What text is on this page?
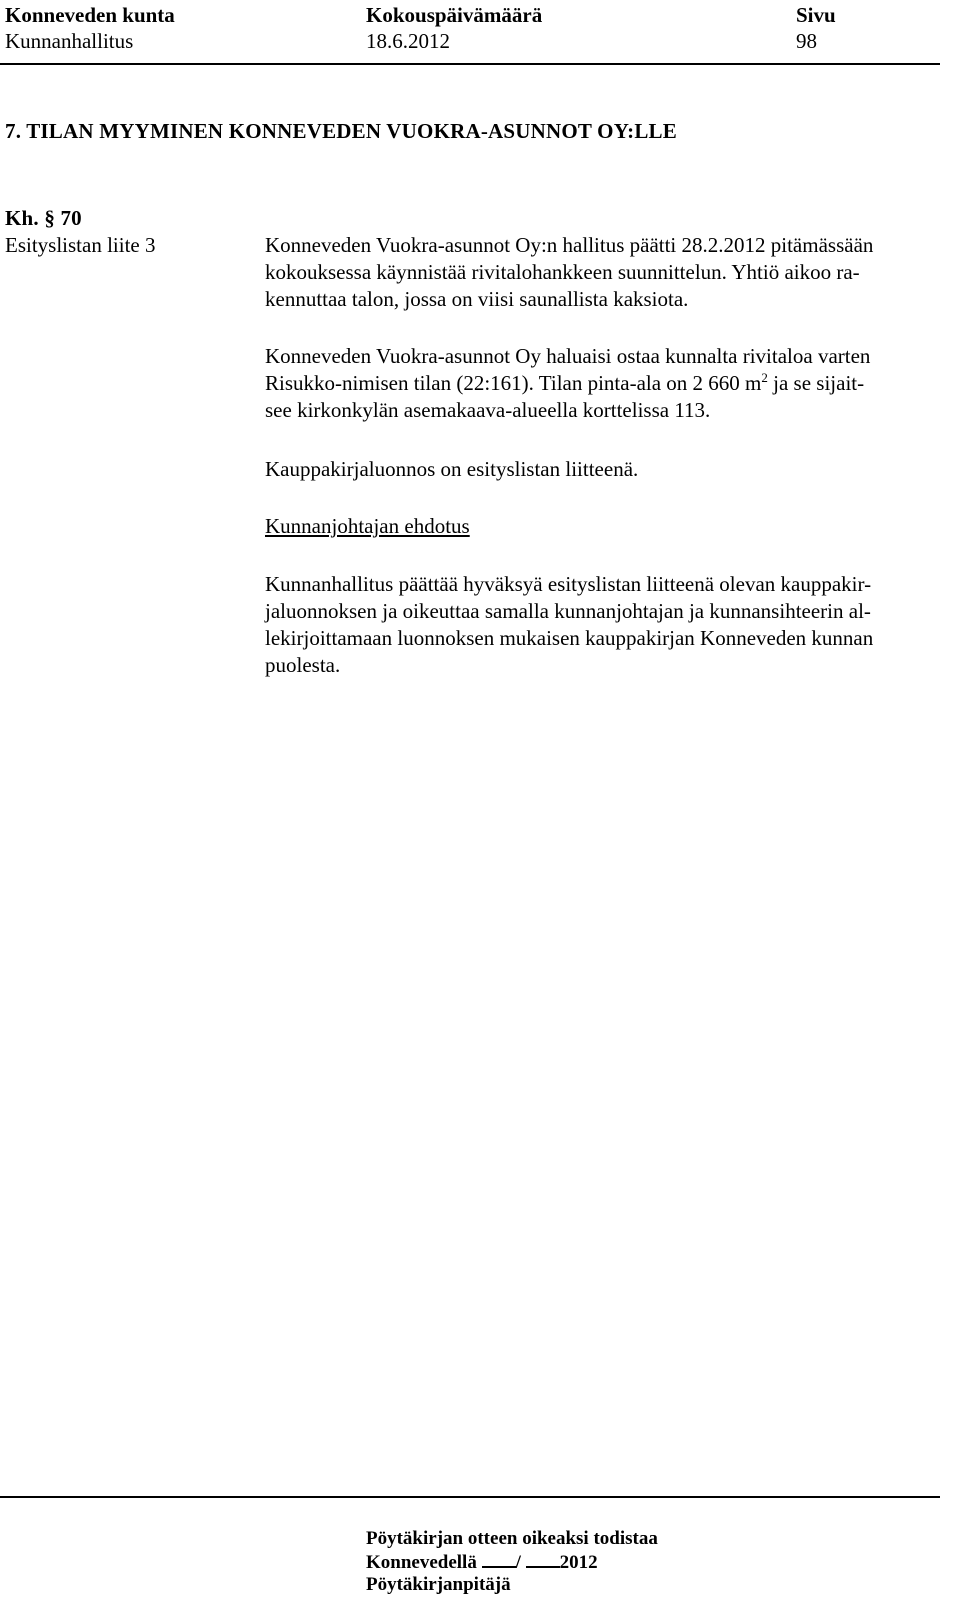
Konneveden kunta
Kunnanhallitus
Kokouspäivämäärä
18.6.2012
Sivu
98
7. TILAN MYYMINEN KONNEVEDEN VUOKRA-ASUNNOT OY:LLE
Kh. § 70
Esityslistan liite 3	Konneveden Vuokra-asunnot Oy:n hallitus päätti 28.2.2012 pitämässään
kokouksessa käynnistää rivitalohankkeen suunnittelun. Yhtiö aikoo ra-
kennuttaa talon, jossa on viisi saunallista kaksiota.
Konneveden Vuokra-asunnot Oy haluaisi ostaa kunnalta rivitaloa varten
Risukko-nimisen tilan (22:161). Tilan pinta-ala on 2 660 $m^2$ ja se sijait-
see kirkonkylän asemakaava-alueella korttelissa 113.
Kauppakirjaluonnos on esityslistan liitteenä.
Kunnanjohtajan ehdotus
Kunnanhallitus päättää hyväksyä esityslistan liitteenä olevan kauppakir-
jaluonnoksen ja oikeuttaa samalla kunnanjohtajan ja kunnansihteerin al-
lekirjoittamaan luonnoksen mukaisen kauppakirjan Konneveden kunnan
puolesta.
Pöytäkirjan otteen oikeaksi todistaa
Konnevedellä / 2012
Pöytäkirjanpitäjä
